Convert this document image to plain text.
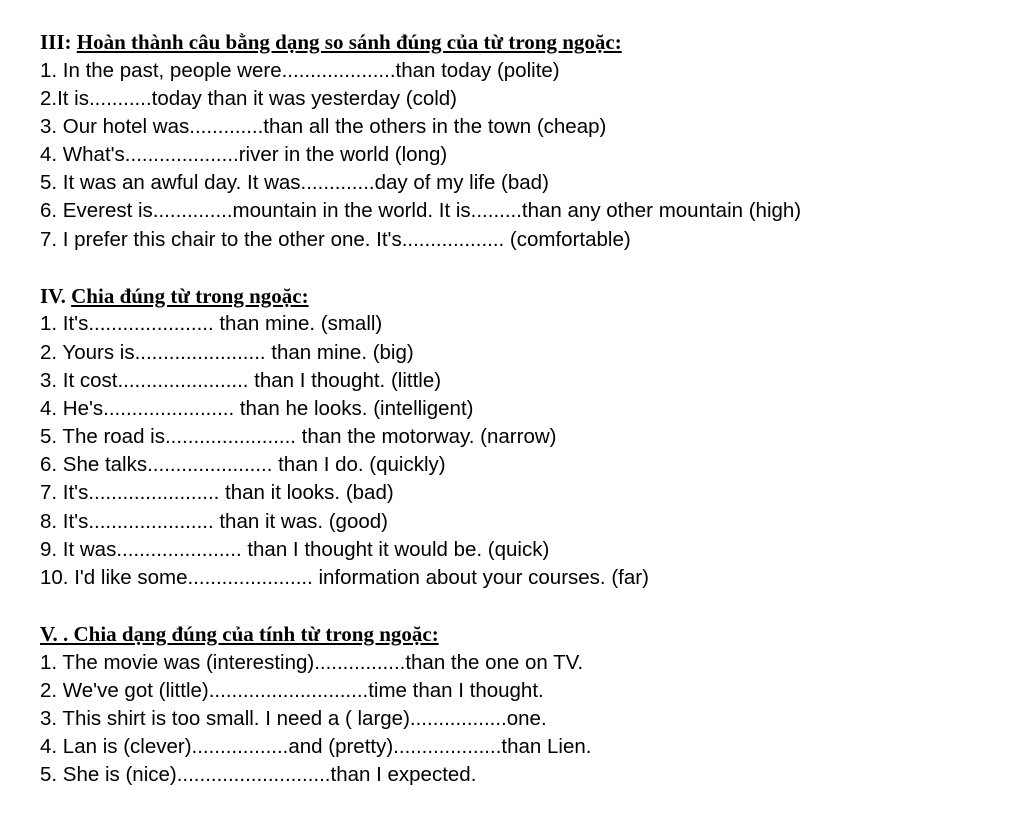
III: Hoàn thành câu bằng dạng so sánh đúng của từ trong ngoặc:
1. In the past, people were....................than today (polite)
2.It is...........today than it was yesterday (cold)
3. Our hotel was.............than all the others in the town (cheap)
4. What's....................river in the world (long)
5. It was an awful day. It was.............day of my life (bad)
6. Everest is..............mountain in the world. It is.........than any other mountain (high)
7. I prefer this chair to the other one. It's.................. (comfortable)
IV. Chia đúng từ trong ngoặc:
1. It's...................... than mine. (small)
2. Yours is....................... than mine. (big)
3. It cost....................... than I thought. (little)
4. He's....................... than he looks. (intelligent)
5. The road is....................... than the motorway. (narrow)
6. She talks...................... than I do. (quickly)
7. It's....................... than it looks. (bad)
8. It's...................... than it was. (good)
9. It was...................... than I thought it would be. (quick)
10. I'd like some...................... information about your courses. (far)
V. . Chia dạng đúng của tính từ trong ngoặc:
1. The movie was (interesting)................than the one on TV.
2. We've got (little)............................time than I thought.
3. This shirt is too small. I need a ( large).................one.
4. Lan is (clever).................and (pretty)...................than Lien.
5. She is (nice)...........................than I expected.
